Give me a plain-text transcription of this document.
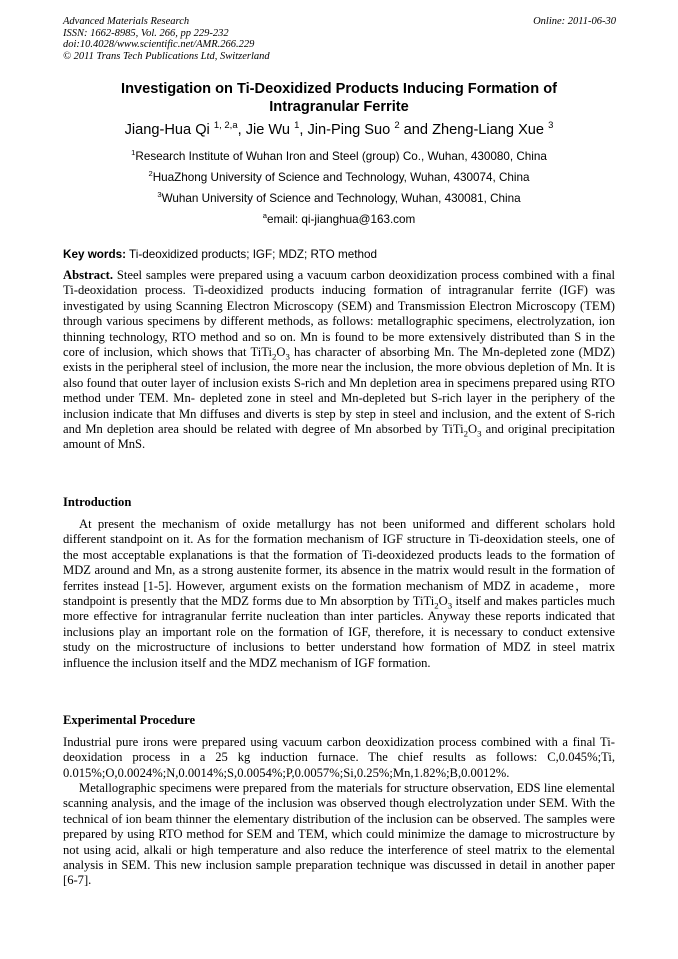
Advanced Materials Research
ISSN: 1662-8985, Vol. 266, pp 229-232
doi:10.4028/www.scientific.net/AMR.266.229
© 2011 Trans Tech Publications Ltd, Switzerland
Online: 2011-06-30
Investigation on Ti-Deoxidized Products Inducing Formation of
Intragranular Ferrite
Jiang-Hua Qi $^{1, 2,a}$, Jie Wu $^1$, Jin-Ping Suo $^2$ and Zheng-Liang Xue $^3$
$^1$Research Institute of Wuhan Iron and Steel (group) Co., Wuhan, 430080, China
$^2$HuaZhong University of Science and Technology, Wuhan, 430074, China
$^3$Wuhan University of Science and Technology, Wuhan, 430081, China
$^a$email: qi-jianghua@163.com
Key words: Ti-deoxidized products; IGF; MDZ; RTO method
Abstract. Steel samples were prepared using a vacuum carbon deoxidization process combined with a final Ti-deoxidation process. Ti-deoxidized products inducing formation of intragranular ferrite (IGF) was investigated by using Scanning Electron Microscopy (SEM) and Transmission Electron Microscopy (TEM) through various specimens by different methods, as follows: metallographic specimens, electrolyzation, ion thinning technology, RTO method and so on. Mn is found to be more extensively distributed than S in the core of inclusion, which shows that $TiTi_2O_3$ has character of absorbing Mn. The Mn-depleted zone (MDZ) exists in the peripheral steel of inclusion, the more near the inclusion, the more obvious depletion of Mn. It is also found that outer layer of inclusion exists S-rich and Mn depletion area in specimens prepared using RTO method under TEM. Mn- depleted zone in steel and Mn-depleted but S-rich layer in the periphery of the inclusion indicate that Mn diffuses and diverts is step by step in steel and inclusion, and the extent of S-rich and Mn depletion area should be related with degree of Mn absorbed by $TiTi_2O_3$ and original precipitation amount of MnS.
Introduction
At present the mechanism of oxide metallurgy has not been uniformed and different scholars hold different standpoint on it. As for the formation mechanism of IGF structure in Ti-deoxidation steels, one of the most acceptable explanations is that the formation of Ti-deoxidezed products leads to the formation of MDZ around and Mn, as a strong austenite former, its absence in the matrix would result in the formation of ferrites instead [1-5]. However, argument exists on the formation mechanism of MDZ in academe，more standpoint is presently that the MDZ forms due to Mn absorption by $TiTi_2O_3$ itself and makes particles much more effective for intragranular ferrite nucleation than inter particles. Anyway these reports indicated that inclusions play an important role on the formation of IGF, therefore, it is necessary to conduct extensive study on the microstructure of inclusions to better understand how formation of MDZ in steel matrix influence the inclusion itself and the MDZ mechanism of IGF formation.
Experimental Procedure
Industrial pure irons were prepared using vacuum carbon deoxidization process combined with a final Ti-deoxidation process in a 25 kg induction furnace. The chief results as follows: C,0.045%;Ti, 0.015%;O,0.0024%;N,0.0014%;S,0.0054%;P,0.0057%;Si,0.25%;Mn,1.82%;B,0.0012%.
Metallographic specimens were prepared from the materials for structure observation, EDS line elemental scanning analysis, and the image of the inclusion was observed though electrolyzation under SEM. With the technical of ion beam thinner the elementary distribution of the inclusion can be observed. The samples were prepared by using RTO method for SEM and TEM, which could minimize the damage to microstructure by not using acid, alkali or high temperature and also reduce the interference of steel matrix to the elemental analysis in SEM. This new inclusion sample preparation technique was discussed in detail in another paper [6-7].
